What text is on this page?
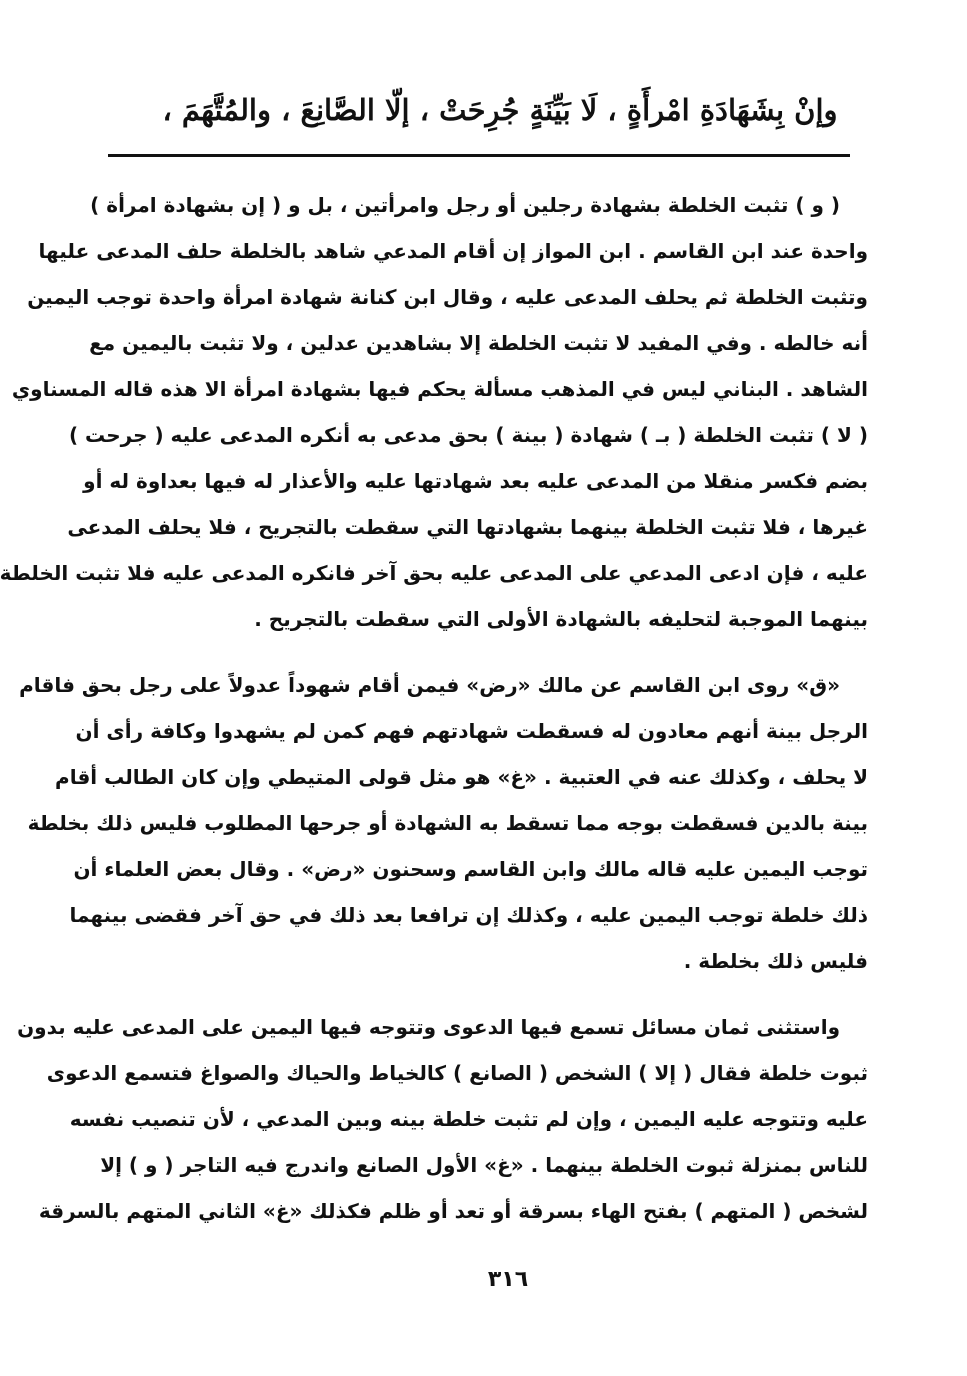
وإنْ بِشَهَادَةِ امْرأَةٍ ، لَا بَيِّنَةٍ جُرِحَتْ ، إلّا الصَّانِعَ ، والمُتَّهَمَ ،
( و ) تثبت الخلطة بشهادة رجلين أو رجل وامرأتين ، بل و ( إن بشهادة امرأة )
واحدة عند ابن القاسم . ابن المواز إن أقام المدعي شاهد بالخلطة حلف المدعى عليها
وتثبت الخلطة ثم يحلف المدعى عليه ، وقال ابن كنانة شهادة امرأة واحدة توجب اليمين
أنه خالطه . وفي المفيد لا تثبت الخلطة إلا بشاهدين عدلين ، ولا تثبت باليمين مع
الشاهد . البناني ليس في المذهب مسألة يحكم فيها بشهادة امرأة الا هذه قاله المسناوي
( لا ) تثبت الخلطة ( بـ ) شهادة ( بينة ) بحق مدعى به أنكره المدعى عليه ( جرحت )
بضم فكسر منقلا من المدعى عليه بعد شهادتها عليه والأعذار له فيها بعداوة له أو
غيرها ، فلا تثبت الخلطة بينهما بشهادتها التي سقطت بالتجريح ، فلا يحلف المدعى
عليه ، فإن ادعى المدعي على المدعى عليه بحق آخر فانكره المدعى عليه فلا تثبت الخلطة
بينهما الموجبة لتحليفه بالشهادة الأولى التي سقطت بالتجريح .
«ق» روى ابن القاسم عن مالك «رض» فيمن أقام شهوداً عدولاً على رجل بحق فاقام
الرجل بينة أنهم معادون له فسقطت شهادتهم فهم كمن لم يشهدوا وكافة رأى أن
لا يحلف ، وكذلك عنه في العتبية . «غ» هو مثل قولى المتيطي وإن كان الطالب أقام
بينة بالدين فسقطت بوجه مما تسقط به الشهادة أو جرحها المطلوب فليس ذلك بخلطة
توجب اليمين عليه قاله مالك وابن القاسم وسحنون «رض» . وقال بعض العلماء أن
ذلك خلطة توجب اليمين عليه ، وكذلك إن ترافعا بعد ذلك في حق آخر فقضى بينهما
فليس ذلك بخلطة .
واستثنى ثمان مسائل تسمع فيها الدعوى وتتوجه فيها اليمين على المدعى عليه بدون
ثبوت خلطة فقال ( إلا ) الشخص ( الصانع ) كالخياط والحياك والصواغ فتسمع الدعوى
عليه وتتوجه عليه اليمين ، وإن لم تثبت خلطة بينه وبين المدعي ، لأن تنصيب نفسه
للناس بمنزلة ثبوت الخلطة بينهما . «غ» الأول الصانع واندرج فيه التاجر ( و ) إلا
لشخص ( المتهم ) بفتح الهاء بسرقة أو تعد أو ظلم فكذلك «غ» الثاني المتهم بالسرقة
٣١٦
